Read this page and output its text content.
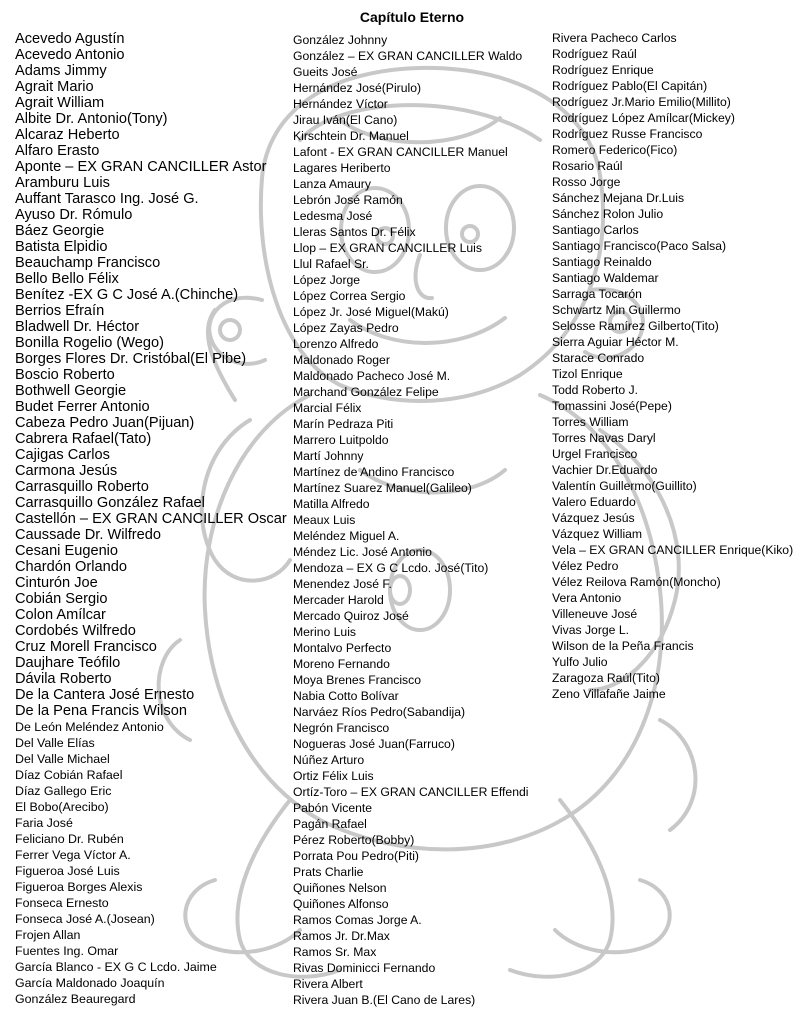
Capítulo Eterno
Acevedo Agustín
Acevedo Antonio
Adams Jimmy
Agrait Mario
Agrait William
Albite Dr. Antonio(Tony)
Alcaraz Heberto
Alfaro Erasto
Aponte – EX GRAN CANCILLER Astor
Aramburu Luis
Auffant Tarasco Ing. José G.
Ayuso Dr. Rómulo
Báez Georgie
Batista Elpidio
Beauchamp Francisco
Bello Bello Félix
Benítez -EX G C José A.(Chinche)
Berrios Efraín
Bladwell Dr. Héctor
Bonilla Rogelio (Wego)
Borges Flores Dr. Cristóbal(El Pibe)
Boscio Roberto
Bothwell Georgie
Budet Ferrer Antonio
Cabeza Pedro Juan(Pijuan)
Cabrera Rafael(Tato)
Cajigas Carlos
Carmona Jesús
Carrasquillo Roberto
Carrasquillo González Rafael
Castellón – EX GRAN CANCILLER Oscar
Caussade Dr. Wilfredo
Cesani Eugenio
Chardón Orlando
Cinturón Joe
Cobián Sergio
Colon Amílcar
Cordobés Wilfredo
Cruz Morell Francisco
Daujhare Teófilo
Dávila Roberto
De la Cantera José Ernesto
De la Pena Francis Wilson
De León Meléndez Antonio
Del Valle Elías
Del Valle Michael
Díaz Cobián Rafael
Díaz Gallego Eric
El Bobo(Arecibo)
Faria José
Feliciano Dr. Rubén
Ferrer Vega Víctor A.
Figueroa José Luis
Figueroa Borges Alexis
Fonseca Ernesto
Fonseca José A.(Josean)
Frojen Allan
Fuentes Ing. Omar
García Blanco - EX G C Lcdo. Jaime
García Maldonado Joaquín
González Beauregard
González Johnny
González – EX GRAN CANCILLER Waldo
Gueits José
Hernández José(Pirulo)
Hernández Víctor
Jirau Iván(El Cano)
Kirschtein Dr. Manuel
Lafont - EX GRAN CANCILLER Manuel
Lagares Heriberto
Lanza Amaury
Lebrón José Ramón
Ledesma José
Lleras Santos Dr. Félix
Llop – EX GRAN CANCILLER Luis
Llul Rafael Sr.
López Jorge
López Correa Sergio
López Jr. José Miguel(Makú)
López Zayas Pedro
Lorenzo Alfredo
Maldonado Roger
Maldonado Pacheco José M.
Marchand González Felipe
Marcial Félix
Marín Pedraza Piti
Marrero Luitpoldo
Martí Johnny
Martínez de Andino Francisco
Martínez Suarez Manuel(Galileo)
Matilla Alfredo
Meaux Luis
Meléndez Miguel A.
Méndez Lic. José Antonio
Mendoza – EX G C Lcdo. José(Tito)
Menendez José F.
Mercader Harold
Mercado Quiroz José
Merino Luis
Montalvo Perfecto
Moreno Fernando
Moya Brenes Francisco
Nabia Cotto Bolívar
Narváez Ríos Pedro(Sabandija)
Negrón Francisco
Nogueras José Juan(Farruco)
Núñez Arturo
Ortiz Félix Luis
Ortíz-Toro – EX GRAN CANCILLER Effendi
Pabón Vicente
Pagán Rafael
Pérez Roberto(Bobby)
Porrata Pou Pedro(Piti)
Prats Charlie
Quiñones Nelson
Quiñones Alfonso
Ramos Comas Jorge A.
Ramos Jr. Dr.Max
Ramos Sr. Max
Rivas Dominicci Fernando
Rivera Albert
Rivera Juan B.(El Cano de Lares)
Rivera Pacheco Carlos
Rodríguez Raúl
Rodríguez Enrique
Rodríguez Pablo(El Capitán)
Rodríguez Jr.Mario Emilio(Millito)
Rodríguez López Amílcar(Mickey)
Rodríguez Russe Francisco
Romero Federico(Fico)
Rosario Raúl
Rosso Jorge
Sánchez Mejana Dr.Luis
Sánchez Rolon Julio
Santiago Carlos
Santiago Francisco(Paco Salsa)
Santiago Reinaldo
Santiago Waldemar
Sarraga Tocarón
Schwartz Min Guillermo
Selosse Ramírez Gilberto(Tito)
Sierra Aguiar Héctor M.
Starace Conrado
Tizol Enrique
Todd Roberto J.
Tomassini José(Pepe)
Torres William
Torres Navas Daryl
Urgel Francisco
Vachier Dr.Eduardo
Valentín Guillermo(Guillito)
Valero Eduardo
Vázquez Jesús
Vázquez William
Vela – EX GRAN CANCILLER Enrique(Kiko)
Vélez Pedro
Vélez Reilova Ramón(Moncho)
Vera Antonio
Villeneuve José
Vivas Jorge L.
Wilson de la Peña Francis
Yulfo Julio
Zaragoza Raúl(Tito)
Zeno Villafañe Jaime
